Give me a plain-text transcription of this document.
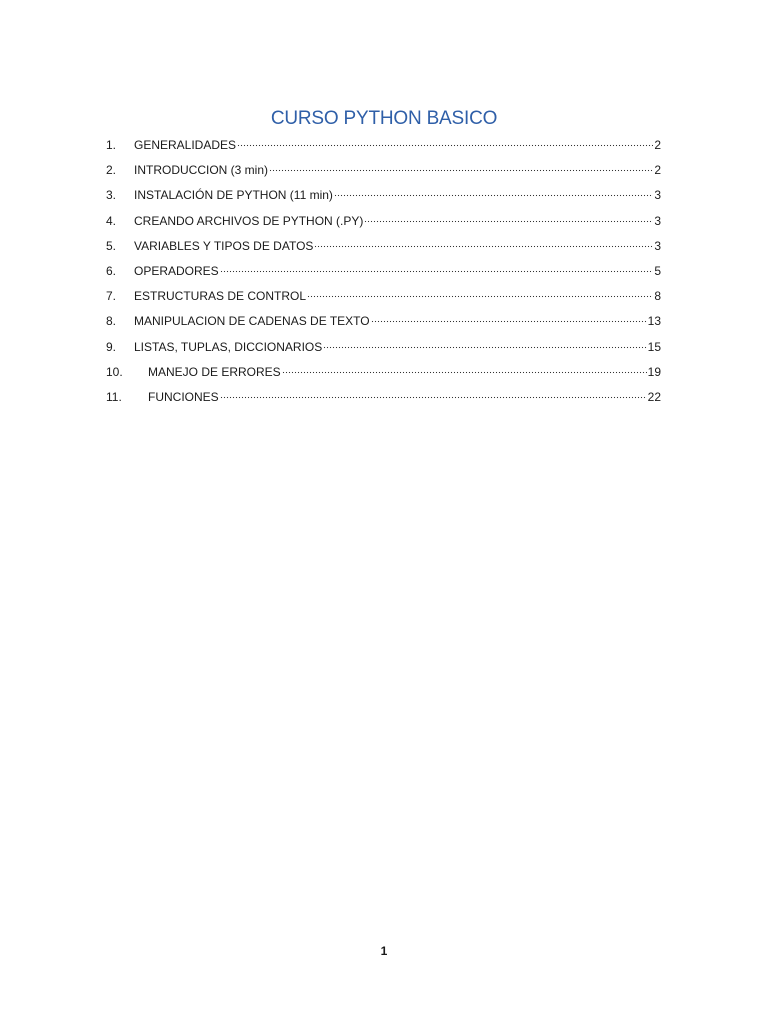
CURSO PYTHON BASICO
1.	GENERALIDADES	2
2.	INTRODUCCION (3 min)	2
3.	INSTALACIÓN DE PYTHON (11 min)	3
4.	CREANDO ARCHIVOS DE PYTHON (.PY)	3
5.	VARIABLES Y TIPOS DE DATOS	3
6.	OPERADORES	5
7.	ESTRUCTURAS DE CONTROL	8
8.	MANIPULACION DE CADENAS DE TEXTO	13
9.	LISTAS, TUPLAS, DICCIONARIOS	15
10.	MANEJO DE ERRORES	19
11.	FUNCIONES	22
1
